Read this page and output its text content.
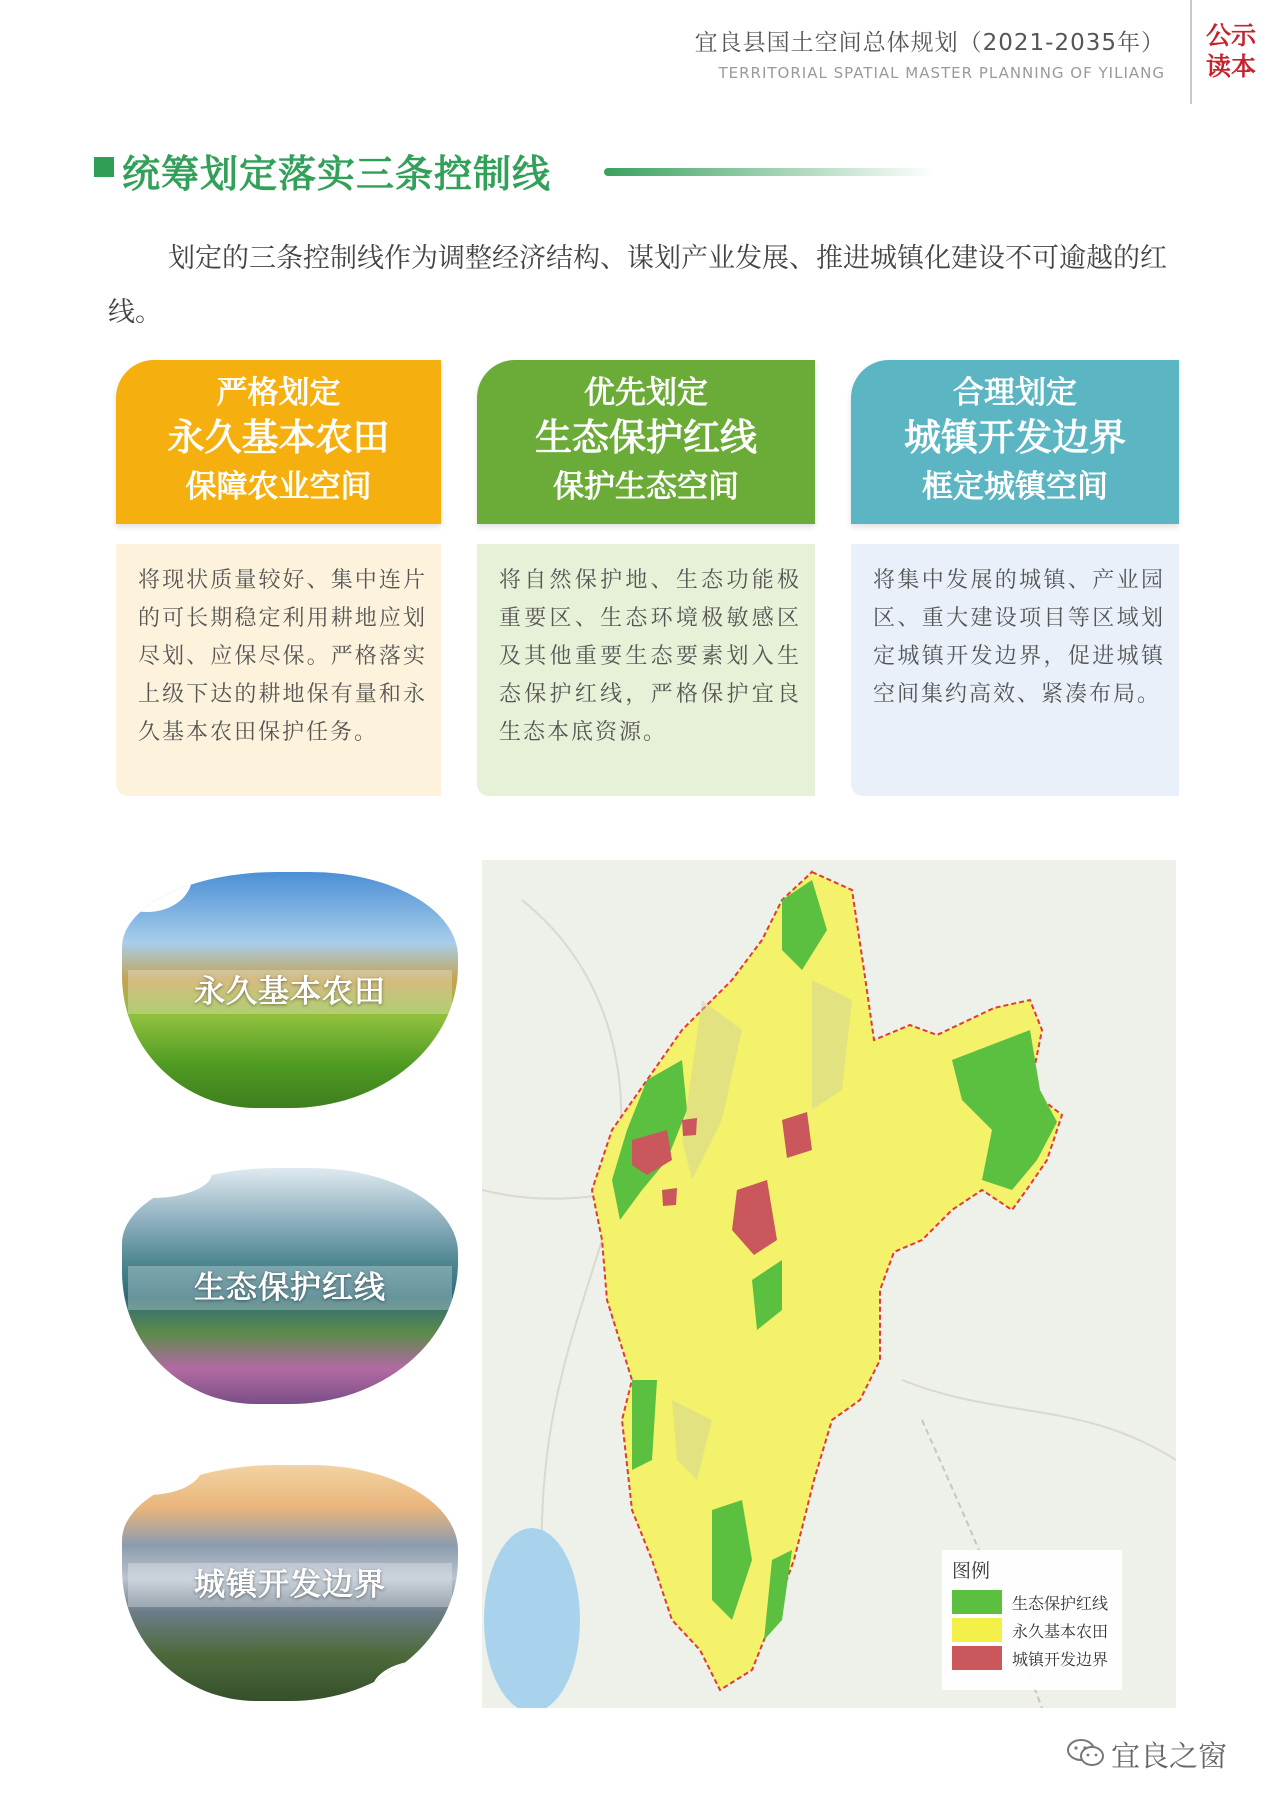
宜良县国土空间总体规划（2021-2035年）
TERRITORIAL SPATIAL MASTER PLANNING OF YILIANG
公示
读本
统筹划定落实三条控制线
划定的三条控制线作为调整经济结构、谋划产业发展、推进城镇化建设不可逾越的红线。
严格划定
永久基本农田
保障农业空间
将现状质量较好、集中连片的可长期稳定利用耕地应划尽划、应保尽保。严格落实上级下达的耕地保有量和永久基本农田保护任务。
优先划定
生态保护红线
保护生态空间
将自然保护地、生态功能极重要区、生态环境极敏感区及其他重要生态要素划入生态保护红线，严格保护宜良生态本底资源。
合理划定
城镇开发边界
框定城镇空间
将集中发展的城镇、产业园区、重大建设项目等区域划定城镇开发边界，促进城镇空间集约高效、紧凑布局。
永久基本农田
生态保护红线
城镇开发边界	图例
生态保护红线
永久基本农田
城镇开发边界
宜良之窗
